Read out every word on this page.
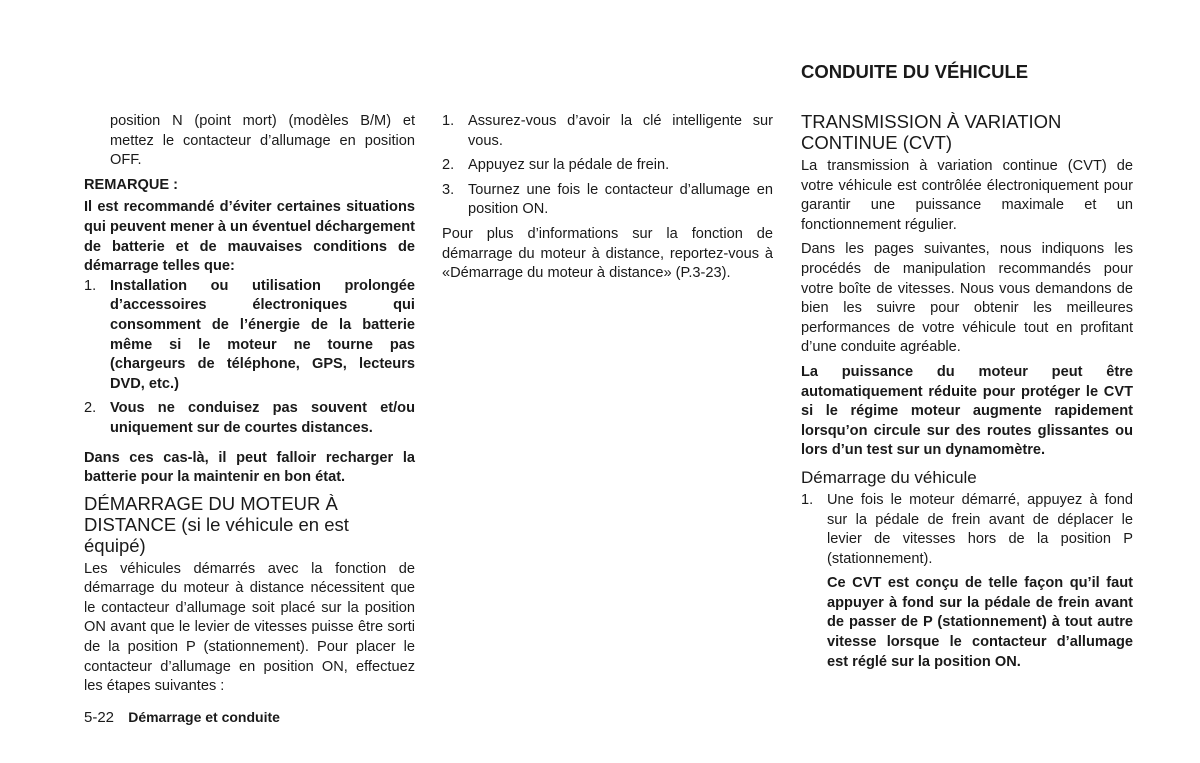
CONDUITE DU VÉHICULE

position N (point mort) (modèles B/M) et mettez le contacteur d’allumage en position OFF.

REMARQUE :

Il est recommandé d’éviter certaines situations qui peuvent mener à un éventuel déchargement de batterie et de mauvaises conditions de démarrage telles que:

1. Installation ou utilisation prolongée d’accessoires électroniques qui consomment de l’énergie de la batterie même si le moteur ne tourne pas (chargeurs de téléphone, GPS, lecteurs DVD, etc.)
2. Vous ne conduisez pas souvent et/ou uniquement sur de courtes distances.

Dans ces cas-là, il peut falloir recharger la batterie pour la maintenir en bon état.

DÉMARRAGE DU MOTEUR À DISTANCE (si le véhicule en est équipé)

Les véhicules démarrés avec la fonction de démarrage du moteur à distance nécessitent que le contacteur d’allumage soit placé sur la position ON avant que le levier de vitesses puisse être sorti de la position P (stationnement). Pour placer le contacteur d’allumage en position ON, effectuez les étapes suivantes :

1. Assurez-vous d’avoir la clé intelligente sur vous.
2. Appuyez sur la pédale de frein.
3. Tournez une fois le contacteur d’allumage en position ON.

Pour plus d’informations sur la fonction de démarrage du moteur à distance, reportez-vous à «Démarrage du moteur à distance» (P.3-23).

TRANSMISSION À VARIATION CONTINUE (CVT)

La transmission à variation continue (CVT) de votre véhicule est contrôlée électroniquement pour garantir une puissance maximale et un fonctionnement régulier.

Dans les pages suivantes, nous indiquons les procédés de manipulation recommandés pour votre boîte de vitesses. Nous vous demandons de bien les suivre pour obtenir les meilleures performances de votre véhicule tout en profitant d’une conduite agréable.

La puissance du moteur peut être automatiquement réduite pour protéger le CVT si le régime moteur augmente rapidement lorsqu’on circule sur des routes glissantes ou lors d’un test sur un dynamomètre.

Démarrage du véhicule
1. Une fois le moteur démarré, appuyez à fond sur la pédale de frein avant de déplacer le levier de vitesses hors de la position P (stationnement).

Ce CVT est conçu de telle façon qu’il faut appuyer à fond sur la pédale de frein avant de passer de P (stationnement) à tout autre vitesse lorsque le contacteur d’allumage est réglé sur la position ON.

5-22 Démarrage et conduite
